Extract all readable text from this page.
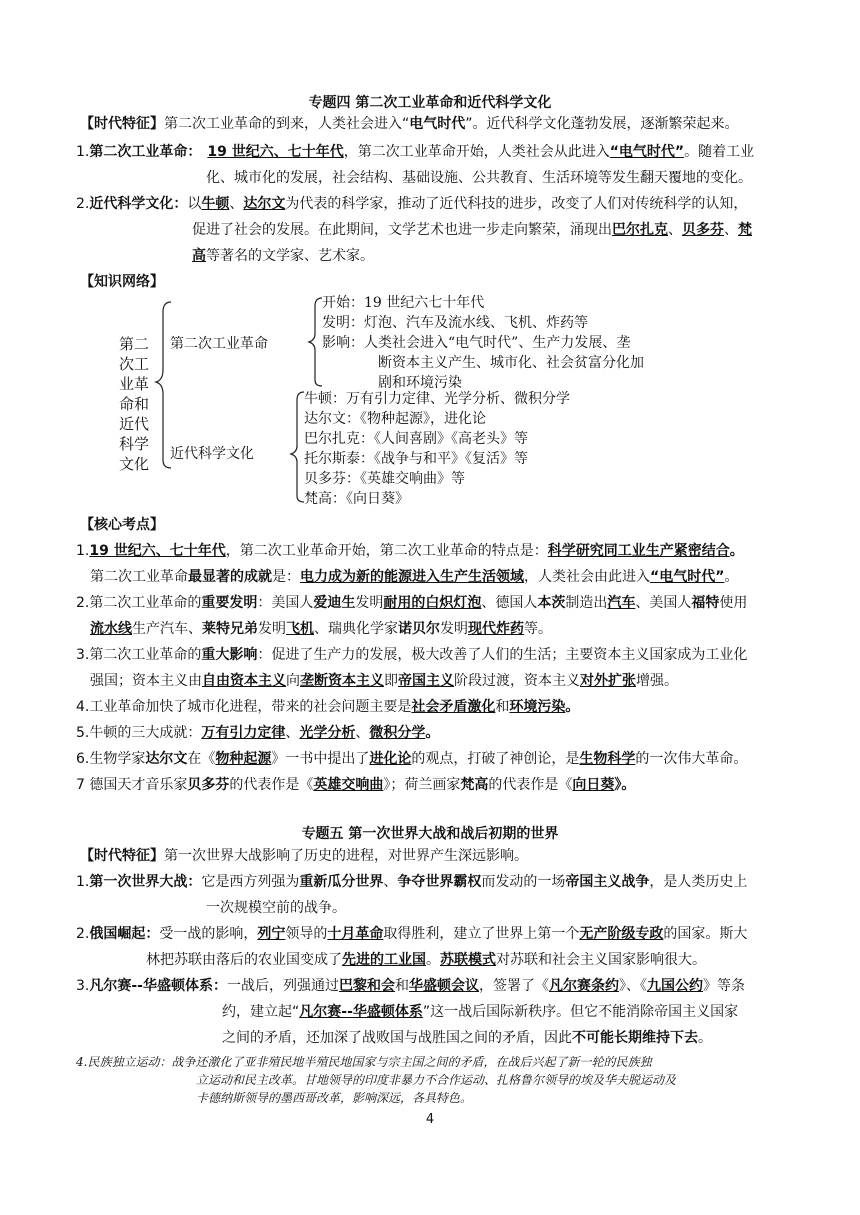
专题四 第二次工业革命和近代科学文化
【时代特征】第二次工业革命的到来，人类社会进入“电气时代”。近代科学文化蓬勃发展，逐渐繁荣起来。
1.第二次工业革命： 19 世纪六、七十年代，第二次工业革命开始，人类社会从此进入“电气时代”。随着工业
化、城市化的发展，社会结构、基础设施、公共教育、生活环境等发生翻天覆地的变化。
2.近代科学文化：以牛顿、达尔文为代表的科学家，推动了近代科技的进步，改变了人们对传统科学的认知，
促进了社会的发展。在此期间，文学艺术也进一步走向繁荣，涌现出巴尔扎克、贝多芬、梵
高等著名的文学家、艺术家。
【知识网络】
第二
次工
业革
命和
近代
科学
文化
第二次工业革命
开始：19 世纪六七十年代
发明：灯泡、汽车及流水线、飞机、炸药等
影响：人类社会进入“电气时代”、生产力发展、垄
断资本主义产生、城市化、社会贫富分化加
剧和环境污染
近代科学文化
牛顿：万有引力定律、光学分析、微积分学
达尔文：《物种起源》，进化论
巴尔扎克：《人间喜剧》《高老头》等
托尔斯泰：《战争与和平》《复活》等
贝多芬：《英雄交响曲》等
梵高：《向日葵》
【核心考点】
1.19 世纪六、七十年代，第二次工业革命开始，第二次工业革命的特点是：科学研究同工业生产紧密结合。
第二次工业革命最显著的成就是：电力成为新的能源进入生产生活领域，人类社会由此进入“电气时代”。
2.第二次工业革命的重要发明：美国人爱迪生发明耐用的白炽灯泡、德国人本茨制造出汽车、美国人福特使用
流水线生产汽车、莱特兄弟发明飞机、瑞典化学家诺贝尔发明现代炸药等。
3.第二次工业革命的重大影响：促进了生产力的发展，极大改善了人们的生活；主要资本主义国家成为工业化
强国；资本主义由自由资本主义向垄断资本主义即帝国主义阶段过渡，资本主义对外扩张增强。
4.工业革命加快了城市化进程，带来的社会问题主要是社会矛盾激化和环境污染。
5.牛顿的三大成就：万有引力定律、光学分析、微积分学。
6.生物学家达尔文在《物种起源》一书中提出了进化论的观点，打破了神创论，是生物科学的一次伟大革命。
7 德国天才音乐家贝多芬的代表作是《英雄交响曲》；荷兰画家梵高的代表作是《向日葵》。
专题五 第一次世界大战和战后初期的世界
【时代特征】第一次世界大战影响了历史的进程，对世界产生深远影响。
1.第一次世界大战：它是西方列强为重新瓜分世界、争夺世界霸权而发动的一场帝国主义战争，是人类历史上
一次规模空前的战争。
2.俄国崛起：受一战的影响，列宁领导的十月革命取得胜利，建立了世界上第一个无产阶级专政的国家。斯大
林把苏联由落后的农业国变成了先进的工业国。苏联模式对苏联和社会主义国家影响很大。
3.凡尔赛--华盛顿体系：一战后，列强通过巴黎和会和华盛顿会议，签署了《凡尔赛条约》、《九国公约》等条
约，建立起“凡尔赛--华盛顿体系”这一战后国际新秩序。但它不能消除帝国主义国家
之间的矛盾，还加深了战败国与战胜国之间的矛盾，因此不可能长期维持下去。
4.民族独立运动：战争还激化了亚非殖民地半殖民地国家与宗主国之间的矛盾，在战后兴起了新一轮的民族独
立运动和民主改革。甘地领导的印度非暴力不合作运动、扎格鲁尔领导的埃及华夫脱运动及
卡德纳斯领导的墨西哥改革，影响深远，各具特色。
4
